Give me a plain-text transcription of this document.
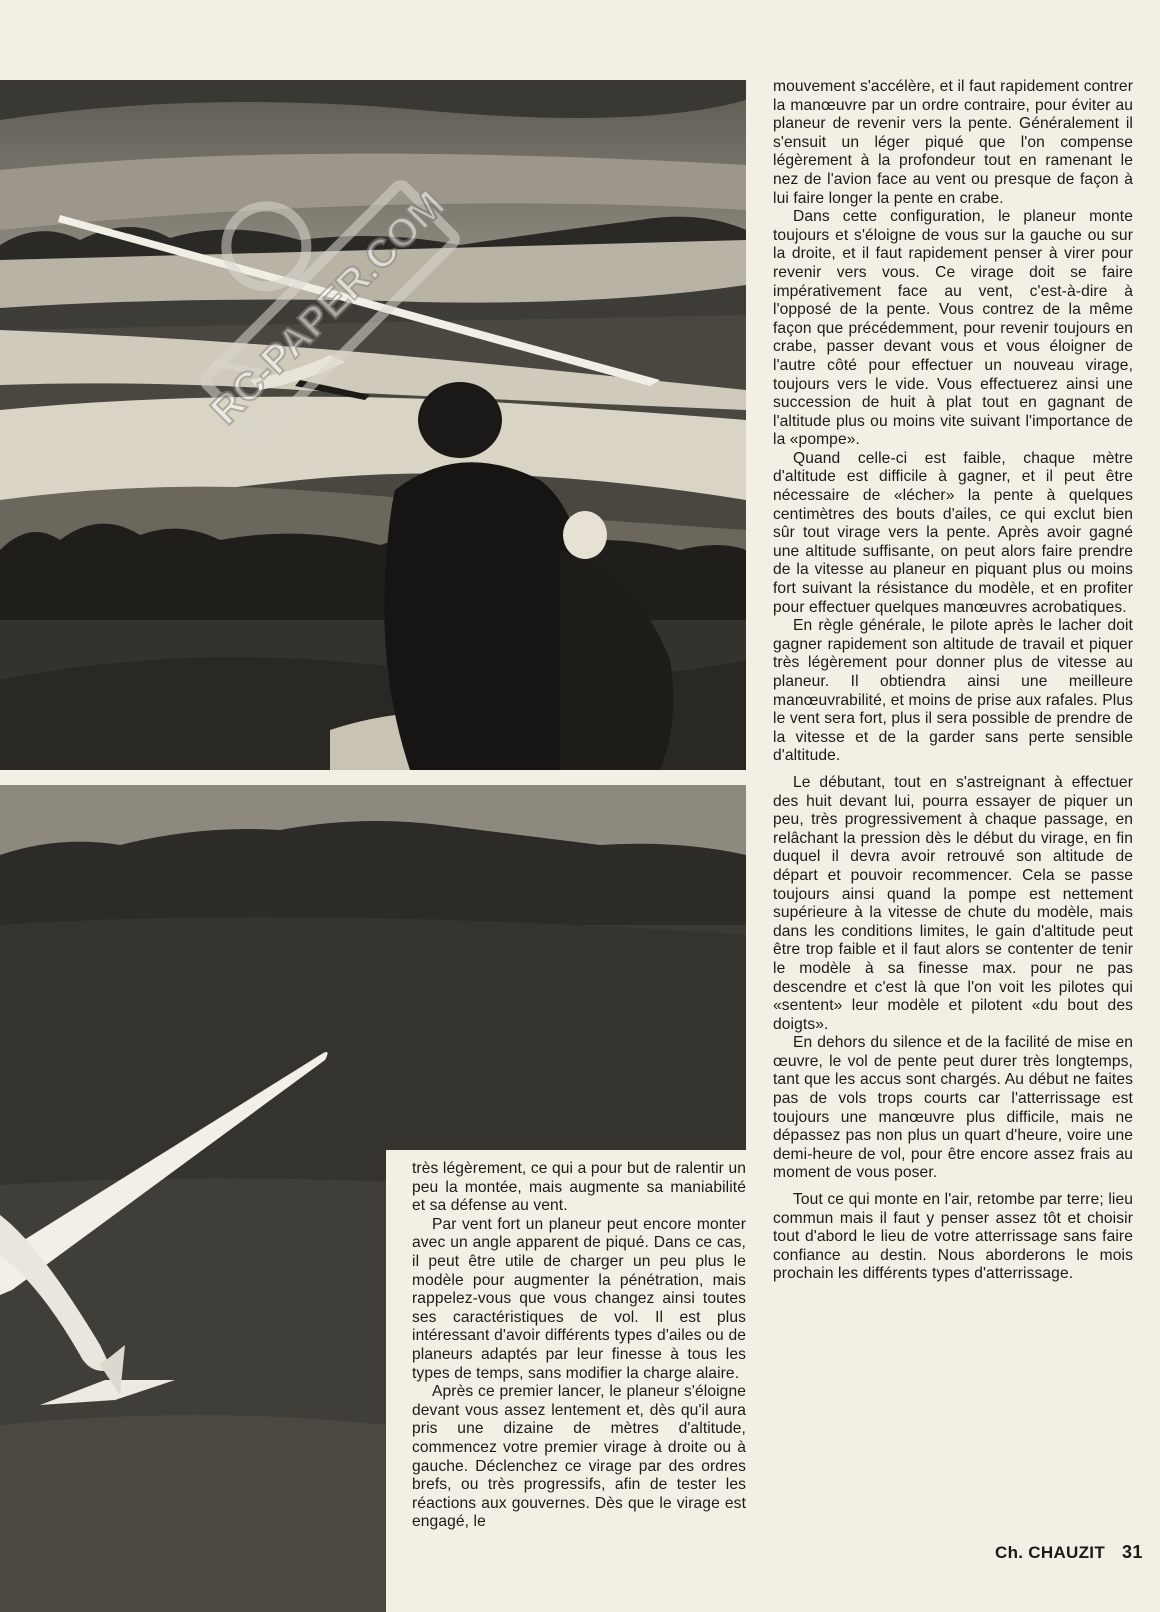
RC-PAPER.COM

très légèrement, ce qui a pour but de ralentir un peu la montée, mais augmente sa maniabilité et sa défense au vent.

Par vent fort un planeur peut encore monter avec un angle apparent de piqué. Dans ce cas, il peut être utile de charger un peu plus le modèle pour augmenter la pénétration, mais rappelez-vous que vous changez ainsi toutes ses caractéristiques de vol. Il est plus intéressant d'avoir différents types d'ailes ou de planeurs adaptés par leur finesse à tous les types de temps, sans modifier la charge alaire.

Après ce premier lancer, le planeur s'éloigne devant vous assez lentement et, dès qu'il aura pris une dizaine de mètres d'altitude, commencez votre premier virage à droite ou à gauche. Déclenchez ce virage par des ordres brefs, ou très progressifs, afin de tester les réactions aux gouvernes. Dès que le virage est engagé, le

mouvement s'accélère, et il faut rapidement contrer la manœuvre par un ordre contraire, pour éviter au planeur de revenir vers la pente. Généralement il s'ensuit un léger piqué que l'on compense légèrement à la profondeur tout en ramenant le nez de l'avion face au vent ou presque de façon à lui faire longer la pente en crabe.

Dans cette configuration, le planeur monte toujours et s'éloigne de vous sur la gauche ou sur la droite, et il faut rapidement penser à virer pour revenir vers vous. Ce virage doit se faire impérativement face au vent, c'est-à-dire à l'opposé de la pente. Vous contrez de la même façon que précédemment, pour revenir toujours en crabe, passer devant vous et vous éloigner de l'autre côté pour effectuer un nouveau virage, toujours vers le vide. Vous effectuerez ainsi une succession de huit à plat tout en gagnant de l'altitude plus ou moins vite suivant l'importance de la «pompe».

Quand celle-ci est faible, chaque mètre d'altitude est difficile à gagner, et il peut être nécessaire de «lécher» la pente à quelques centimètres des bouts d'ailes, ce qui exclut bien sûr tout virage vers la pente. Après avoir gagné une altitude suffisante, on peut alors faire prendre de la vitesse au planeur en piquant plus ou moins fort suivant la résistance du modèle, et en profiter pour effectuer quelques manœuvres acrobatiques.

En règle générale, le pilote après le lacher doit gagner rapidement son altitude de travail et piquer très légèrement pour donner plus de vitesse au planeur. Il obtiendra ainsi une meilleure manœuvrabilité, et moins de prise aux rafales. Plus le vent sera fort, plus il sera possible de prendre de la vitesse et de la garder sans perte sensible d'altitude.

Le débutant, tout en s'astreignant à effectuer des huit devant lui, pourra essayer de piquer un peu, très progressivement à chaque passage, en relâchant la pression dès le début du virage, en fin duquel il devra avoir retrouvé son altitude de départ et pouvoir recommencer. Cela se passe toujours ainsi quand la pompe est nettement supérieure à la vitesse de chute du modèle, mais dans les conditions limites, le gain d'altitude peut être trop faible et il faut alors se contenter de tenir le modèle à sa finesse max. pour ne pas descendre et c'est là que l'on voit les pilotes qui «sentent» leur modèle et pilotent «du bout des doigts».

En dehors du silence et de la facilité de mise en œuvre, le vol de pente peut durer très longtemps, tant que les accus sont chargés. Au début ne faites pas de vols trops courts car l'atterrissage est toujours une manœuvre plus difficile, mais ne dépassez pas non plus un quart d'heure, voire une demi-heure de vol, pour être encore assez frais au moment de vous poser.

Tout ce qui monte en l'air, retombe par terre; lieu commun mais il faut y penser assez tôt et choisir tout d'abord le lieu de votre atterrissage sans faire confiance au destin. Nous aborderons le mois prochain les différents types d'atterrissage.

Ch. CHAUZIT 31
